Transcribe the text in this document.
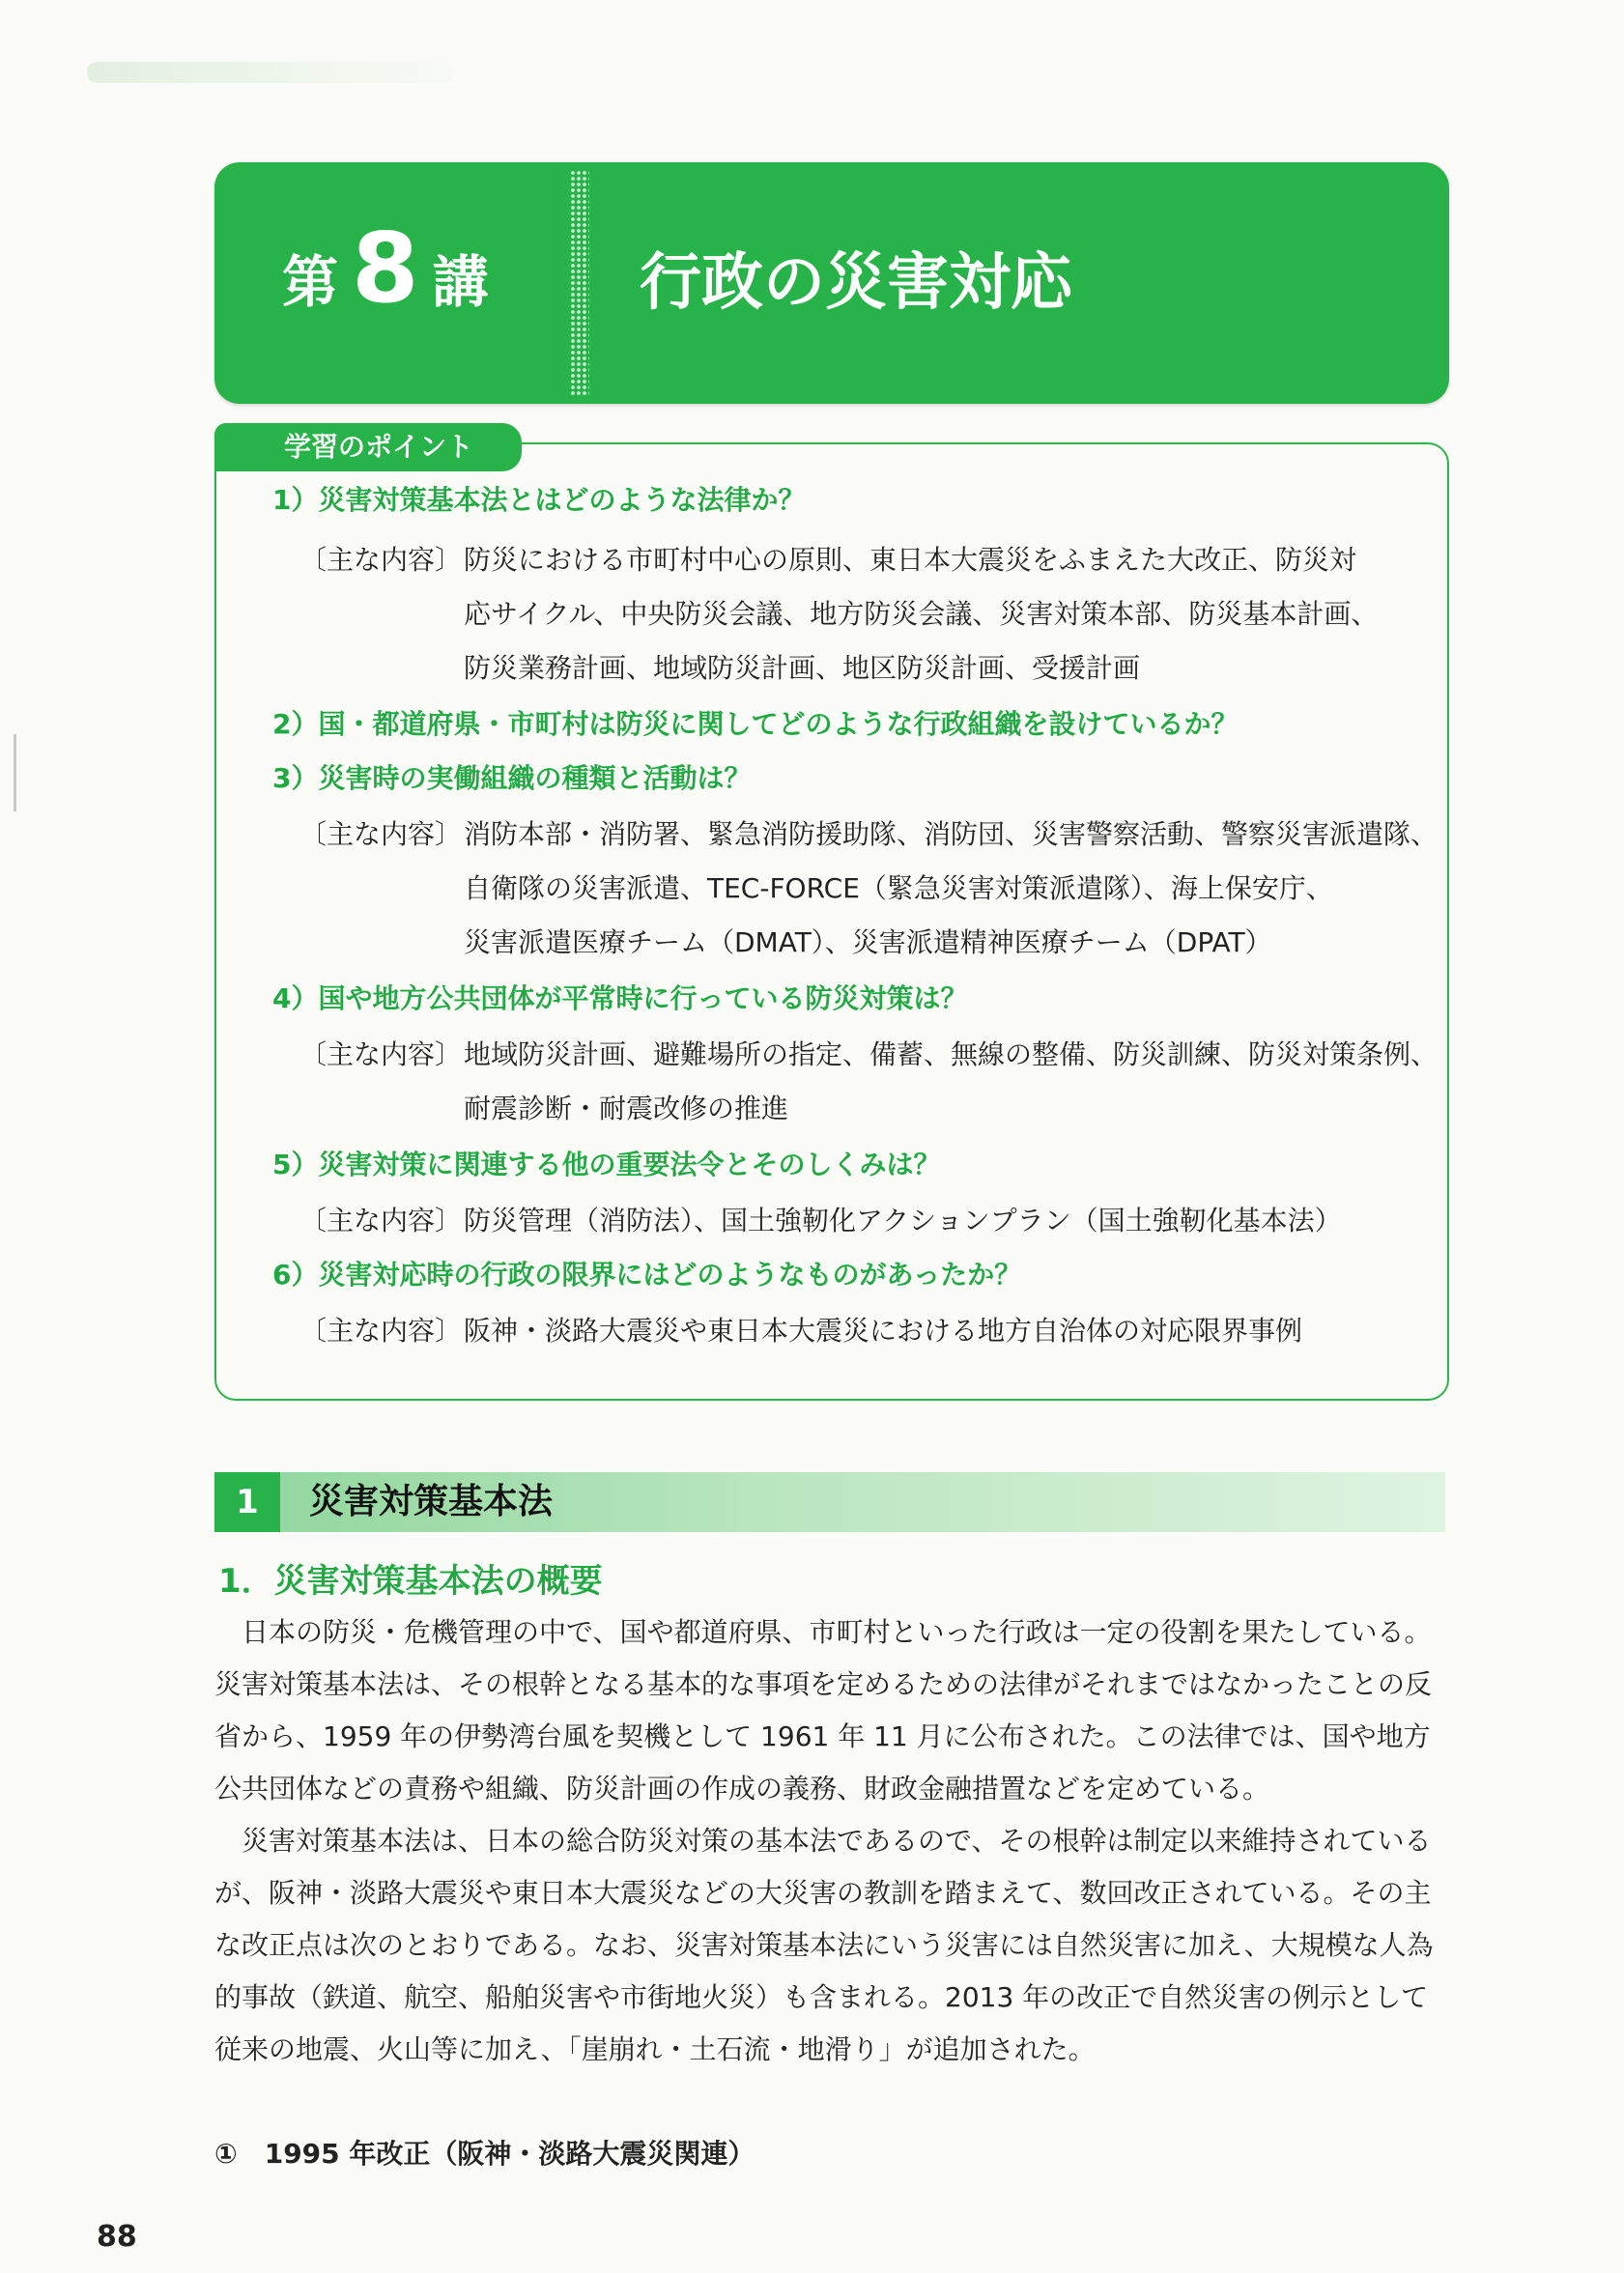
第 8 講 行政の災害対応
学習のポイント
1）災害対策基本法とはどのような法律か？
〔主な内容〕 防災における市町村中心の原則、東日本大震災をふまえた大改正、防災対
応サイクル、中央防災会議、地方防災会議、災害対策本部、防災基本計画、
防災業務計画、地域防災計画、地区防災計画、受援計画
2）国・都道府県・市町村は防災に関してどのような行政組織を設けているか？
3）災害時の実働組織の種類と活動は？
〔主な内容〕 消防本部・消防署、緊急消防援助隊、消防団、災害警察活動、警察災害派遣隊、
自衛隊の災害派遣、TEC-FORCE（緊急災害対策派遣隊）、海上保安庁、
災害派遣医療チーム（DMAT）、災害派遣精神医療チーム（DPAT）
4）国や地方公共団体が平常時に行っている防災対策は？
〔主な内容〕 地域防災計画、避難場所の指定、備蓄、無線の整備、防災訓練、防災対策条例、
耐震診断・耐震改修の推進
5）災害対策に関連する他の重要法令とそのしくみは？
〔主な内容〕 防災管理（消防法）、国土強靭化アクションプラン（国土強靭化基本法）
6）災害対応時の行政の限界にはどのようなものがあったか？
〔主な内容〕 阪神・淡路大震災や東日本大震災における地方自治体の対応限界事例
1	災害対策基本法
1．災害対策基本法の概要
　日本の防災・危機管理の中で、国や都道府県、市町村といった行政は一定の役割を果たしている。
災害対策基本法は、その根幹となる基本的な事項を定めるための法律がそれまではなかったことの反
省から、1959 年の伊勢湾台風を契機として 1961 年 11 月に公布された。この法律では、国や地方
公共団体などの責務や組織、防災計画の作成の義務、財政金融措置などを定めている。
　災害対策基本法は、日本の総合防災対策の基本法であるので、その根幹は制定以来維持されている
が、阪神・淡路大震災や東日本大震災などの大災害の教訓を踏まえて、数回改正されている。その主
な改正点は次のとおりである。なお、災害対策基本法にいう災害には自然災害に加え、大規模な人為
的事故（鉄道、航空、船舶災害や市街地火災）も含まれる。2013 年の改正で自然災害の例示として
従来の地震、火山等に加え、「崖崩れ・土石流・地滑り」が追加された。
①　1995 年改正（阪神・淡路大震災関連）
88
